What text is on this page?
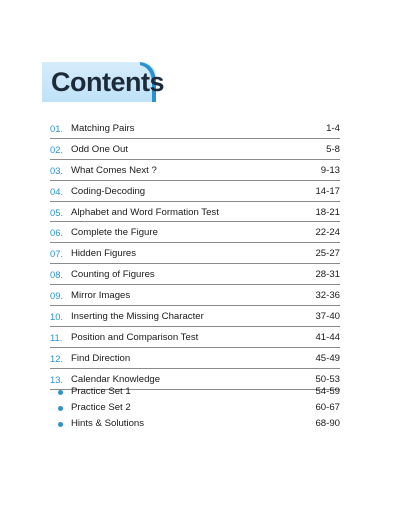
Contents
01. Matching Pairs	1-4
02. Odd One Out	5-8
03. What Comes Next ?	9-13
04. Coding-Decoding	14-17
05. Alphabet and Word Formation Test	18-21
06. Complete the Figure	22-24
07. Hidden Figures	25-27
08. Counting of Figures	28-31
09. Mirror Images	32-36
10. Inserting the Missing Character	37-40
11. Position and Comparison Test	41-44
12. Find Direction	45-49
13. Calendar Knowledge	50-53
Practice Set 1	54-59
Practice Set 2	60-67
Hints & Solutions	68-90
